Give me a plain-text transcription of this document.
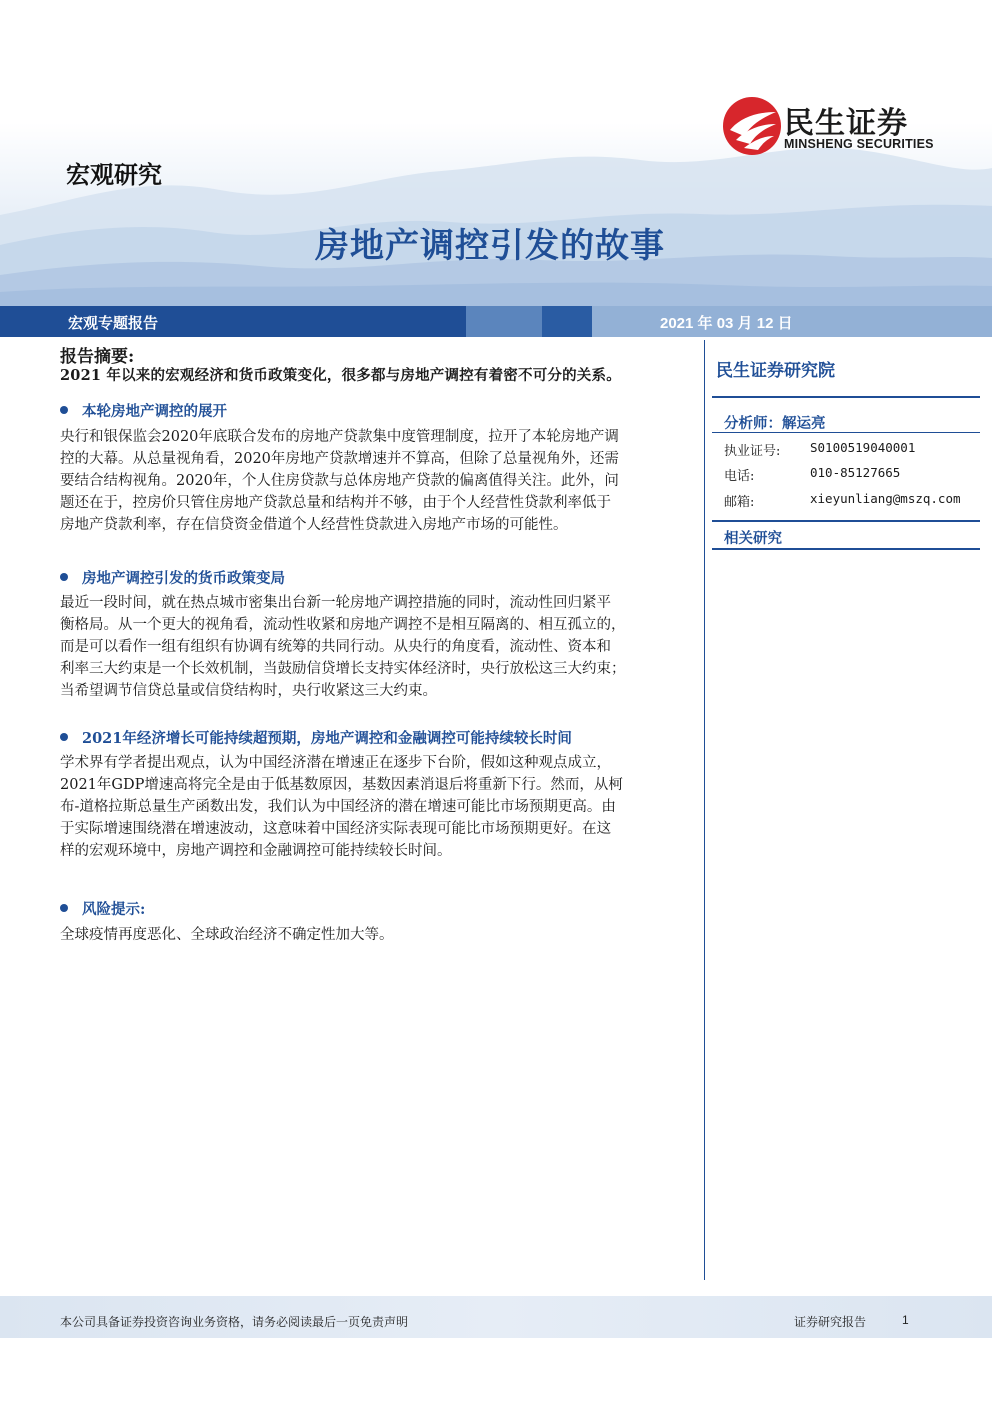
宏观研究
房地产调控引发的故事
民生证券
MINSHENG SECURITIES
宏观专题报告	2021 年 03 月 12 日
报告摘要:
2021 年以来的宏观经济和货币政策变化，很多都与房地产调控有着密不可分的关系。
本轮房地产调控的展开
央行和银保监会2020年底联合发布的房地产贷款集中度管理制度，拉开了本轮房地产调
控的大幕。从总量视角看，2020年房地产贷款增速并不算高，但除了总量视角外，还需
要结合结构视角。2020年，个人住房贷款与总体房地产贷款的偏离值得关注。此外，问
题还在于，控房价只管住房地产贷款总量和结构并不够，由于个人经营性贷款利率低于
房地产贷款利率，存在信贷资金借道个人经营性贷款进入房地产市场的可能性。
房地产调控引发的货币政策变局
最近一段时间，就在热点城市密集出台新一轮房地产调控措施的同时，流动性回归紧平
衡格局。从一个更大的视角看，流动性收紧和房地产调控不是相互隔离的、相互孤立的，
而是可以看作一组有组织有协调有统筹的共同行动。从央行的角度看，流动性、资本和
利率三大约束是一个长效机制，当鼓励信贷增长支持实体经济时，央行放松这三大约束；
当希望调节信贷总量或信贷结构时，央行收紧这三大约束。
2021年经济增长可能持续超预期，房地产调控和金融调控可能持续较长时间
学术界有学者提出观点，认为中国经济潜在增速正在逐步下台阶，假如这种观点成立，
2021年GDP增速高将完全是由于低基数原因，基数因素消退后将重新下行。然而，从柯
布-道格拉斯总量生产函数出发，我们认为中国经济的潜在增速可能比市场预期更高。由
于实际增速围绕潜在增速波动，这意味着中国经济实际表现可能比市场预期更好。在这
样的宏观环境中，房地产调控和金融调控可能持续较长时间。
风险提示:
全球疫情再度恶化、全球政治经济不确定性加大等。
民生证券研究院
分析师：解运亮
执业证号:	S0100519040001
电话:	010-85127665
邮箱:	xieyunliang@mszq.com
相关研究
本公司具备证券投资咨询业务资格，请务必阅读最后一页免责声明	证券研究报告	1
